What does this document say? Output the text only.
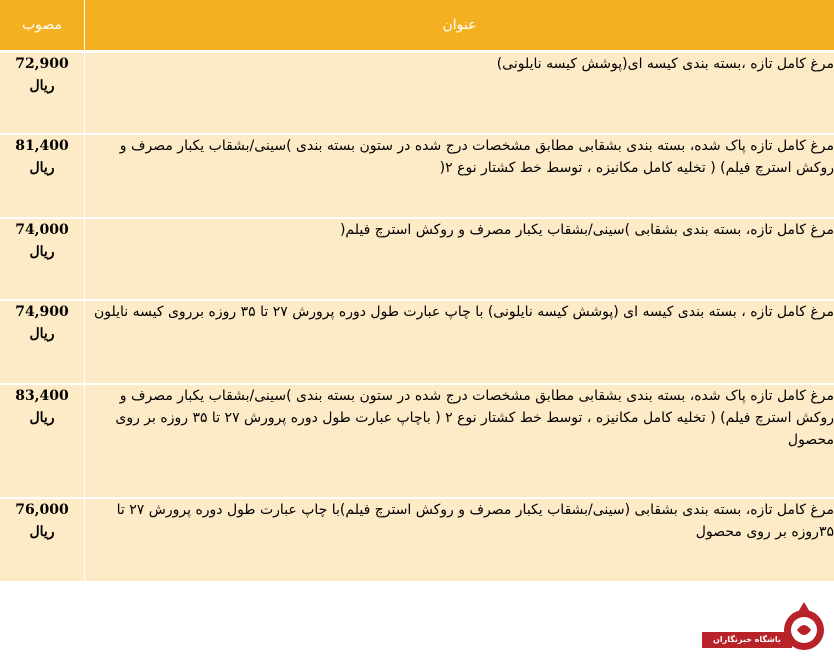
مصوب	عنوان

72,900
ریال	مرغ کامل تازه ،بسته بندی کیسه ای(پوشش کیسه نایلونی)

81,400
ریال	مرغ کامل تازه پاک شده، بسته بندی بشقابی مطابق مشخصات درج شده در ستون بسته بندی )سینی/بشقاب یکبار مصرف و روکش استرچ فیلم) ( تخلیه کامل مکانیزه ، توسط خط کشتار نوع ۲(

74,000
ریال	مرغ کامل تازه، بسته بندی بشقابی )سینی/بشقاب یکبار مصرف و روکش استرچ فیلم(

74,900
ریال	مرغ کامل تازه ، بسته بندی کیسه ای (پوشش کیسه نایلونی) با چاپ عبارت طول دوره پرورش ۲۷ تا ۳۵ روزه برروی کیسه نایلون

83,400
ریال	مرغ کامل تازه پاک شده، بسته بندی بشقابی مطابق مشخصات درج شده در ستون بسته بندی )سینی/بشقاب یکبار مصرف و روکش استرچ فیلم) ( تخلیه کامل مکانیزه ، توسط خط کشتار نوع ۲ ( باچاپ عبارت طول دوره پرورش ۲۷ تا ۳۵ روزه بر روی محصول

76,000
ریال	مرغ کامل تازه، بسته بندی بشقابی (سینی/بشقاب یکبار مصرف و روکش استرچ فیلم)با چاپ عبارت طول دوره پرورش ۲۷ تا ۳۵روزه بر روی محصول
باشگاه خبرنگاران
